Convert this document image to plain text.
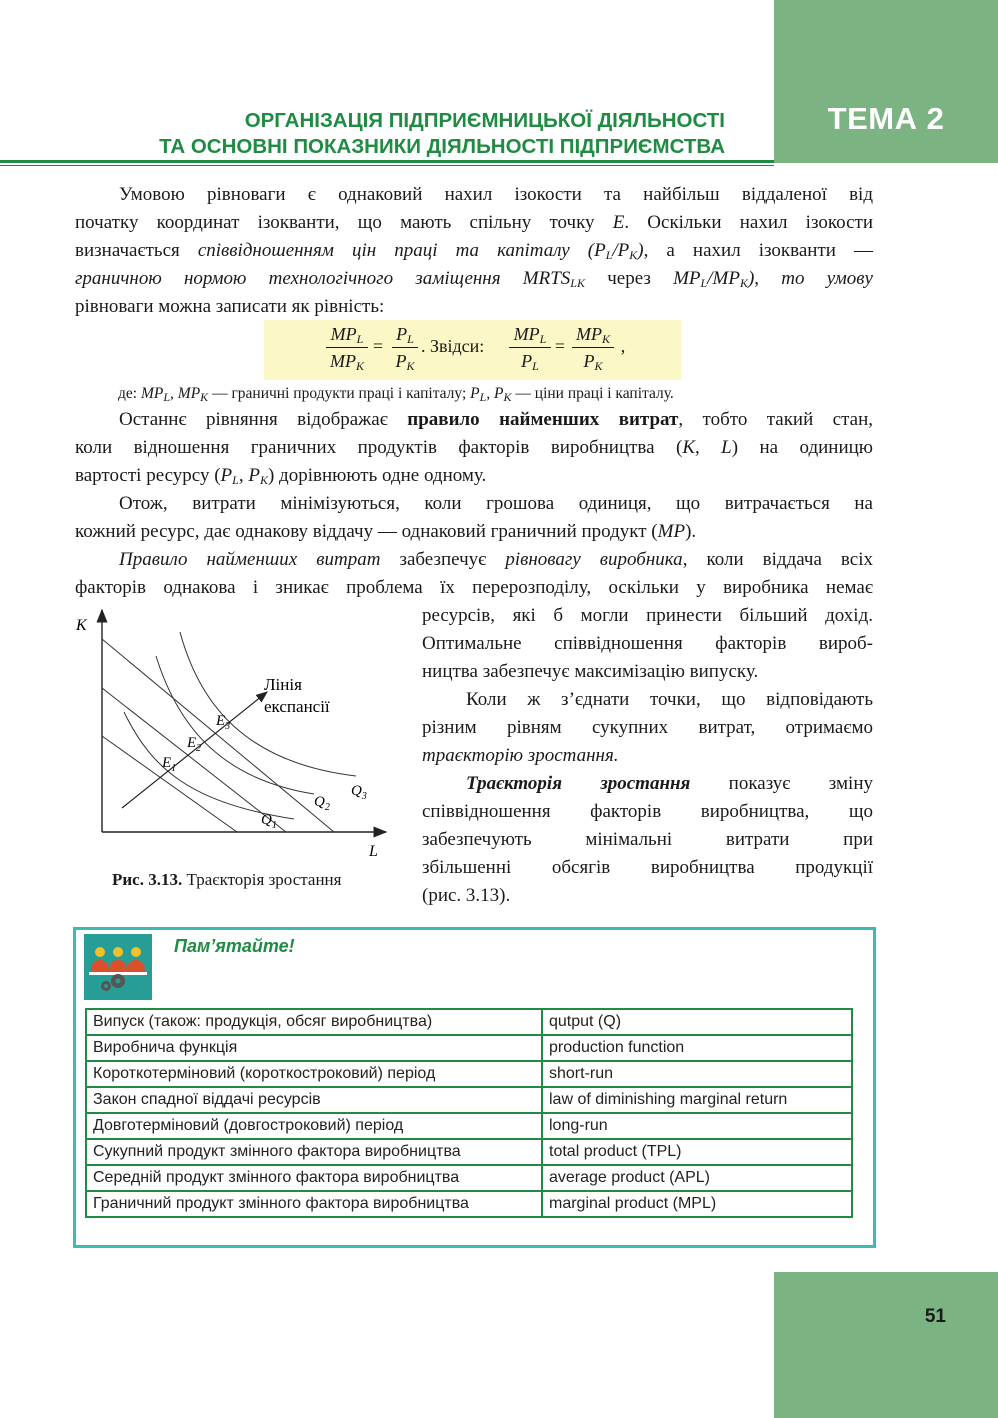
ТЕМА 2
51
ОРГАНІЗАЦІЯ ПІДПРИЄМНИЦЬКОЇ ДІЯЛЬНОСТІ
ТА ОСНОВНІ ПОКАЗНИКИ ДІЯЛЬНОСТІ ПІДПРИЄМСТВА
Умовою рівноваги є однаковий нахил ізокости та найбільш віддаленої від
початку координат ізокванти, що мають спільну точку E. Оскільки нахил ізокости
визначається співвідношенням цін праці та капіталу $(P_L/P_K)$, а нахил ізокванти —
граничною нормою технологічного заміщення $MRTS_{LK}$ через $MP_L/MP_K$), то умову
рівноваги можна записати як рівність:
$MP_L$
$MP_K$
=
$P_L$
$P_K$
. Звідси:
$MP_L$
$P_L$
=
$MP_K$
$P_K$
,
де: $MP_L$, $MP_K$ — граничні продукти праці і капіталу; $P_L$, $P_K$ — ціни праці і капіталу.
Останнє рівняння відображає правило найменших витрат, тобто такий стан,
коли відношення граничних продуктів факторів виробництва (К, L) на одиницю
вартості ресурсу ($P_L$, $P_K$) дорівнюють одне одному.
Отож, витрати мінімізуються, коли грошова одиниця, що витрачається на
кожний ресурс, дає однакову віддачу — однаковий граничний продукт (MP).
Правило найменших витрат забезпечує рівновагу виробника, коли віддача всіх
факторів однакова і зникає проблема їх перерозподілу, оскільки у виробника немає
K
L
Лінія
експансії
$E_1$
$E_2$
$E_3$
$Q_1$
$Q_2$
$Q_3$
Рис. 3.13. Траєкторія зростання
ресурсів, які б могли принести більший дохід.
Оптимальне співвідношення факторів вироб-
ництва забезпечує максимізацію випуску.
Коли ж з’єднати точки, що відповідають
різним рівням сукупних витрат, отримаємо
траєкторію зростання.
Траєкторія зростання показує зміну
співвідношення факторів виробництва, що
забезпечують мінімальні витрати при
збільшенні обсягів виробництва продукції
(рис. 3.13).
Пам’ятайте!
Випуск (також: продукція, обсяг виробництва)	qutput (Q)
Виробнича функція	production function
Короткотерміновий (короткостроковий) період	short-run
Закон спадної віддачі ресурсів	law of diminishing marginal return
Довготерміновий (довгостроковий) період	long-run
Сукупний продукт змінного фактора виробництва	total product (TPL)
Середній продукт змінного фактора виробництва	average product (APL)
Граничний продукт змінного фактора виробництва	marginal product (MPL)
